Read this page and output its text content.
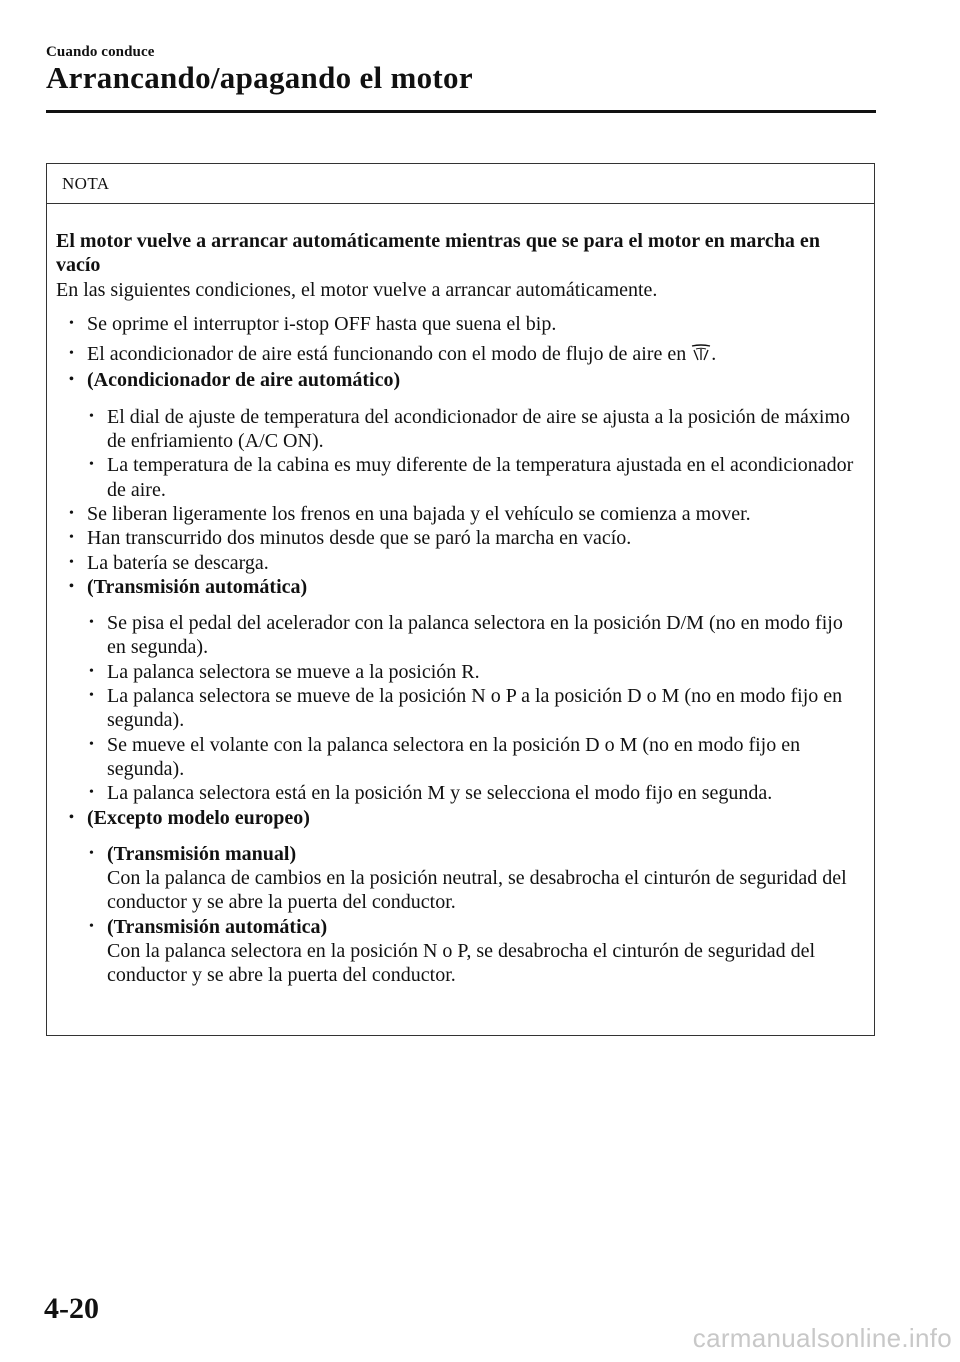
Cuando conduce
Arrancando/apagando el motor
NOTA
El motor vuelve a arrancar automáticamente mientras que se para el motor en marcha en vacío
En las siguientes condiciones, el motor vuelve a arrancar automáticamente.
• Se oprime el interruptor i-stop OFF hasta que suena el bip.
• El acondicionador de aire está funcionando con el modo de flujo de aire en .
• (Acondicionador de aire automático)
• El dial de ajuste de temperatura del acondicionador de aire se ajusta a la posición de máximo de enfriamiento (A/C ON).
• La temperatura de la cabina es muy diferente de la temperatura ajustada en el acondicionador de aire.
• Se liberan ligeramente los frenos en una bajada y el vehículo se comienza a mover.
• Han transcurrido dos minutos desde que se paró la marcha en vacío.
• La batería se descarga.
• (Transmisión automática)
• Se pisa el pedal del acelerador con la palanca selectora en la posición D/M (no en modo fijo en segunda).
• La palanca selectora se mueve a la posición R.
• La palanca selectora se mueve de la posición N o P a la posición D o M (no en modo fijo en segunda).
• Se mueve el volante con la palanca selectora en la posición D o M (no en modo fijo en segunda).
• La palanca selectora está en la posición M y se selecciona el modo fijo en segunda.
• (Excepto modelo europeo)
• (Transmisión manual)
Con la palanca de cambios en la posición neutral, se desabrocha el cinturón de seguridad del conductor y se abre la puerta del conductor.
• (Transmisión automática)
Con la palanca selectora en la posición N o P, se desabrocha el cinturón de seguridad del conductor y se abre la puerta del conductor.
4-20
carmanualsonline.info
